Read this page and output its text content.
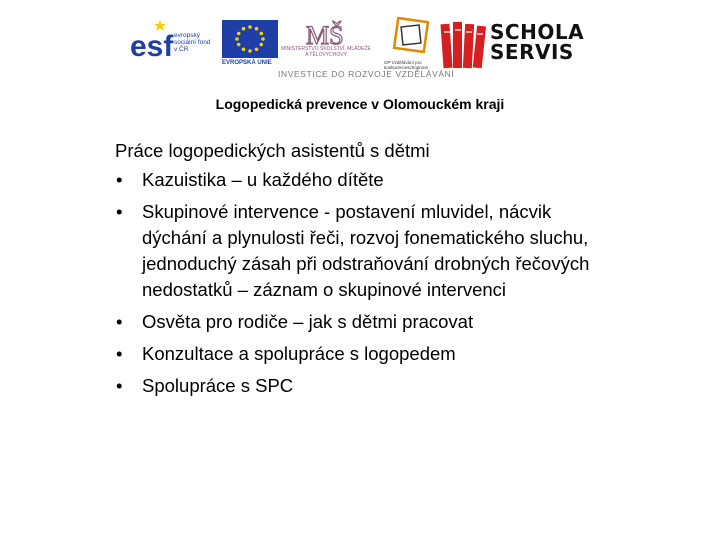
esf evropský sociální fond v ČR
EVROPSKÁ UNIE
MŠ
MINISTERSTVO ŠKOLSTVÍ, MLÁDEŽE A TĚLOVÝCHOVY
OP Vzdělávání pro konkurenceschopnost
SCHOLA
SERVIS
INVESTICE DO ROZVOJE VZDĚLÁVÁNÍ
Logopedická prevence v Olomouckém kraji
Práce logopedických asistentů s dětmi
• Kazuistika – u každého dítěte
• Skupinové intervence - postavení mluvidel, nácvik dýchání a plynulosti řeči, rozvoj fonematického sluchu, jednoduchý zásah při odstraňování drobných řečových nedostatků – záznam o skupinové intervenci
• Osvěta pro rodiče – jak s dětmi pracovat
• Konzultace a spolupráce s logopedem
• Spolupráce s SPC
